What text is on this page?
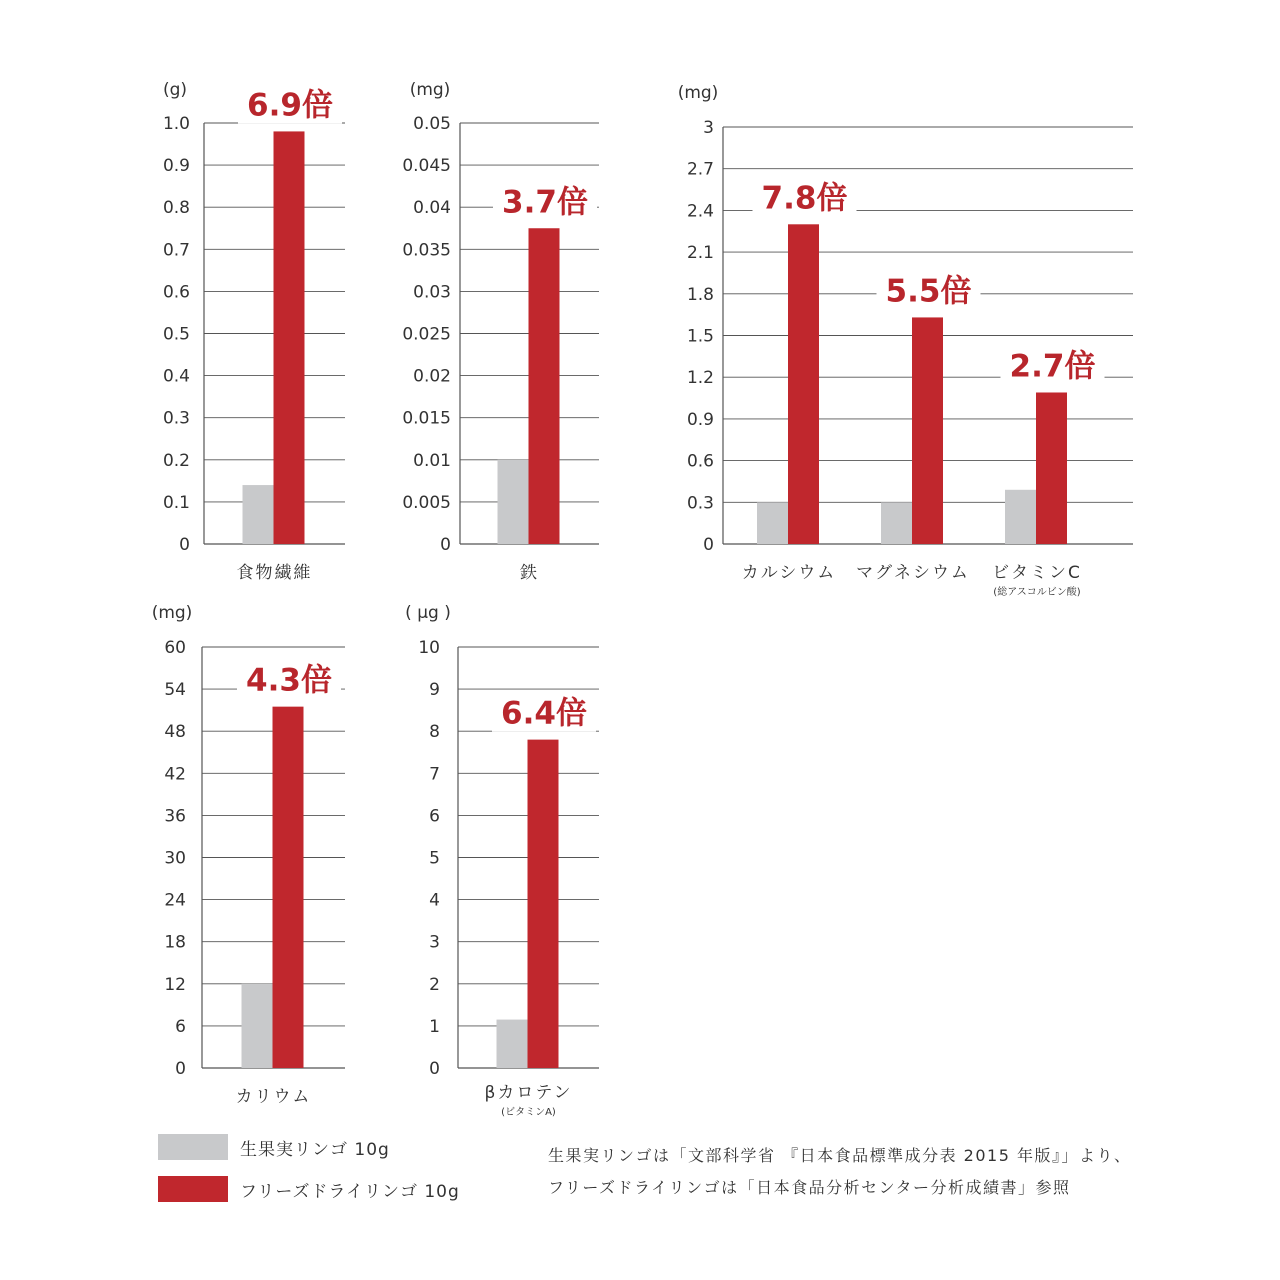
(g)
0
0.1
0.2
0.3
0.4
0.5
0.6
0.7
0.8
0.9
1.0
6.9倍
食物繊維
(mg)
0
0.005
0.01
0.015
0.02
0.025
0.03
0.035
0.04
0.045
0.05
3.7倍
鉄
(mg)
0
0.3
0.6
0.9
1.2
1.5
1.8
2.1
2.4
2.7
3
7.8倍
カルシウム
5.5倍
マグネシウム
2.7倍
ビタミンC
(総アスコルビン酸)
(mg)
0
6
12
18
24
30
36
42
48
54
60
4.3倍
カリウム
( μg )
0
1
2
3
4
5
6
7
8
9
10
6.4倍
βカロテン
(ビタミンA)
生果実リンゴ 10g
フリーズドライリンゴ 10g
生果実リンゴは「文部科学省 『日本食品標準成分表 2015 年版』」より、
フリーズドライリンゴは「日本食品分析センター分析成績書」参照
